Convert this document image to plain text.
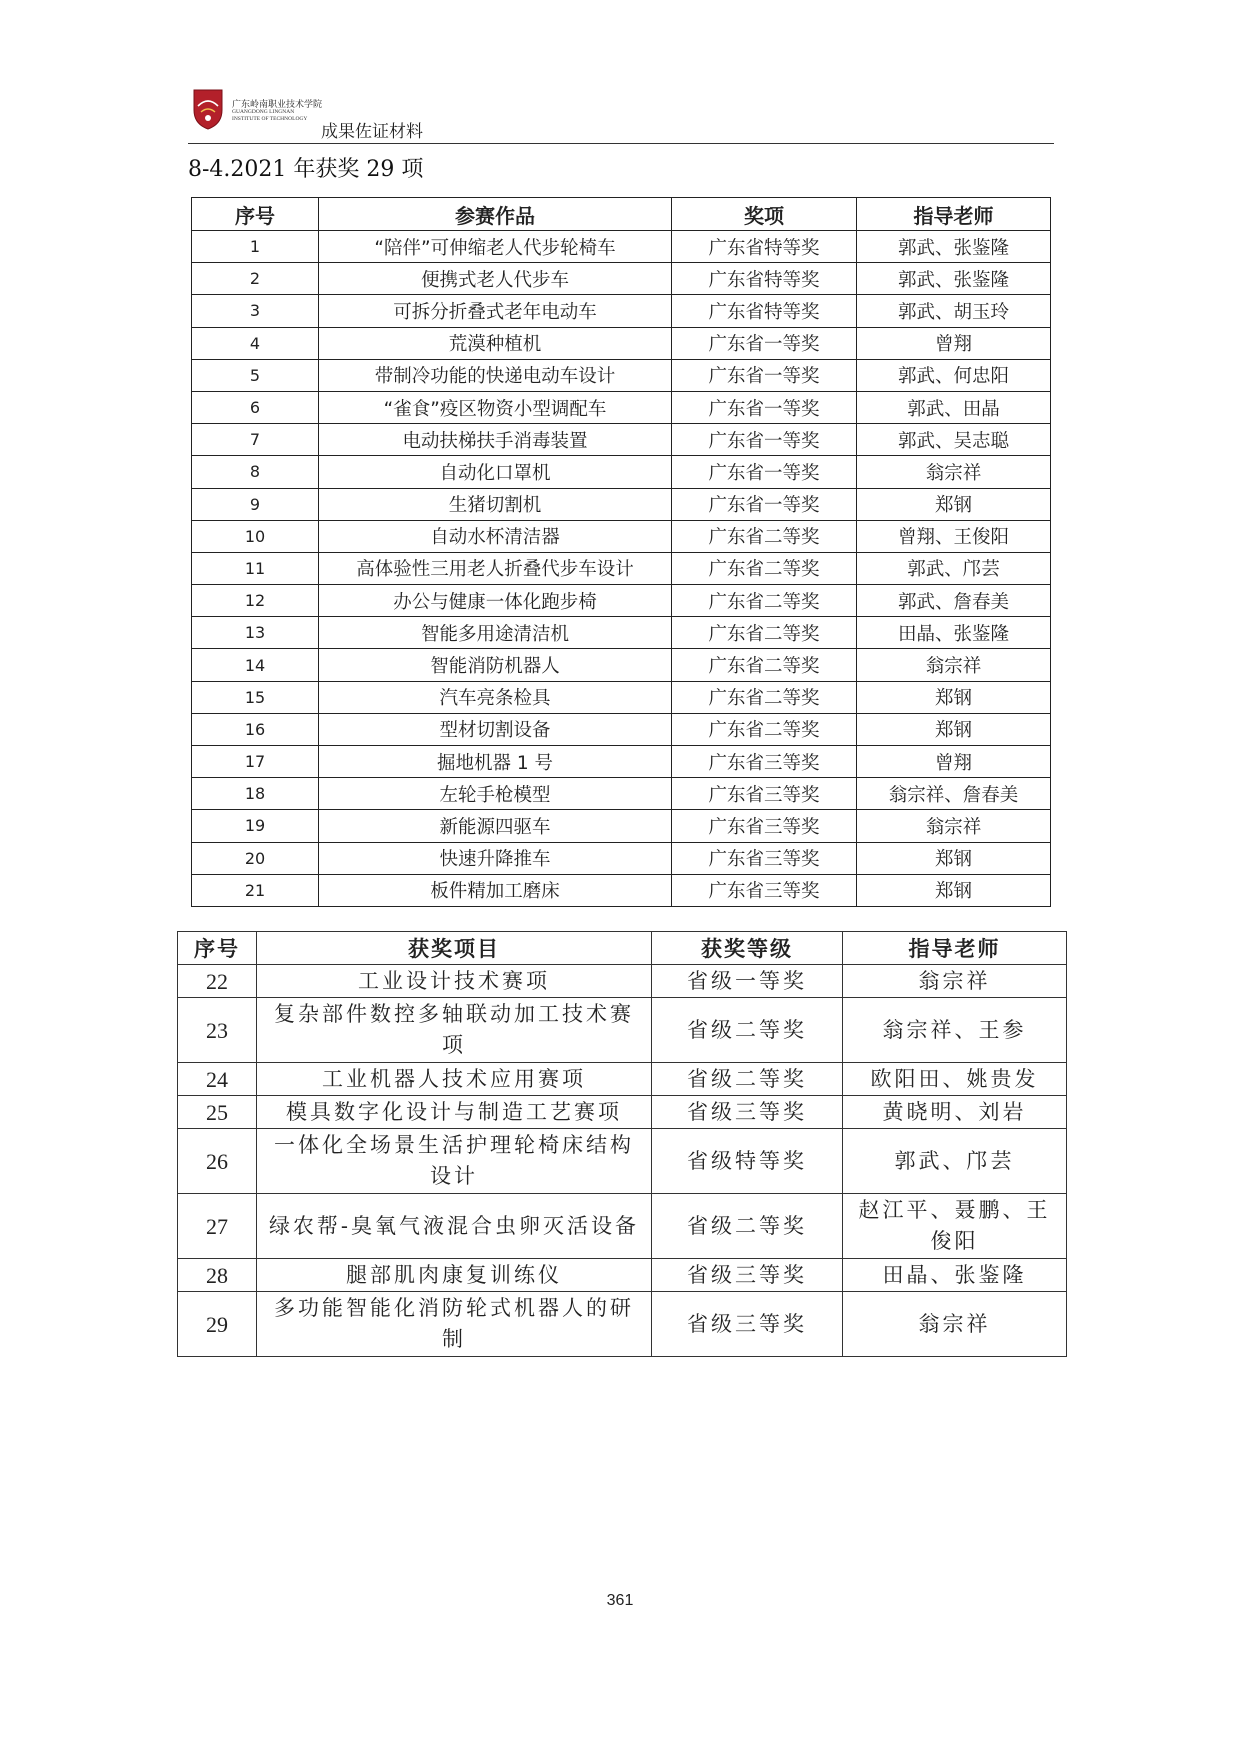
广东岭南职业技术学院
GUANGDONG LINGNAN
INSTITUTE OF TECHNOLOGY
成果佐证材料
8-4.2021 年获奖 29 项
序号	参赛作品	奖项	指导老师
1	“陪伴”可伸缩老人代步轮椅车	广东省特等奖	郭武、张鉴隆
2	便携式老人代步车	广东省特等奖	郭武、张鉴隆
3	可拆分折叠式老年电动车	广东省特等奖	郭武、胡玉玲
4	荒漠种植机	广东省一等奖	曾翔
5	带制冷功能的快递电动车设计	广东省一等奖	郭武、何忠阳
6	“雀食”疫区物资小型调配车	广东省一等奖	郭武、田晶
7	电动扶梯扶手消毒装置	广东省一等奖	郭武、吴志聪
8	自动化口罩机	广东省一等奖	翁宗祥
9	生猪切割机	广东省一等奖	郑钢
10	自动水杯清洁器	广东省二等奖	曾翔、王俊阳
11	高体验性三用老人折叠代步车设计	广东省二等奖	郭武、邝芸
12	办公与健康一体化跑步椅	广东省二等奖	郭武、詹春美
13	智能多用途清洁机	广东省二等奖	田晶、张鉴隆
14	智能消防机器人	广东省二等奖	翁宗祥
15	汽车亮条检具	广东省二等奖	郑钢
16	型材切割设备	广东省二等奖	郑钢
17	掘地机器 1 号	广东省三等奖	曾翔
18	左轮手枪模型	广东省三等奖	翁宗祥、詹春美
19	新能源四驱车	广东省三等奖	翁宗祥
20	快速升降推车	广东省三等奖	郑钢
21	板件精加工磨床	广东省三等奖	郑钢
序号	获奖项目	获奖等级	指导老师
22	工业设计技术赛项	省级一等奖	翁宗祥
23	复杂部件数控多轴联动加工技术赛项	省级二等奖	翁宗祥、王参
24	工业机器人技术应用赛项	省级二等奖	欧阳田、姚贵发
25	模具数字化设计与制造工艺赛项	省级三等奖	黄晓明、刘岩
26	一体化全场景生活护理轮椅床结构设计	省级特等奖	郭武、邝芸
27	绿农帮-臭氧气液混合虫卵灭活设备	省级二等奖	赵江平、聂鹏、王俊阳
28	腿部肌肉康复训练仪	省级三等奖	田晶、张鉴隆
29	多功能智能化消防轮式机器人的研制	省级三等奖	翁宗祥
361
